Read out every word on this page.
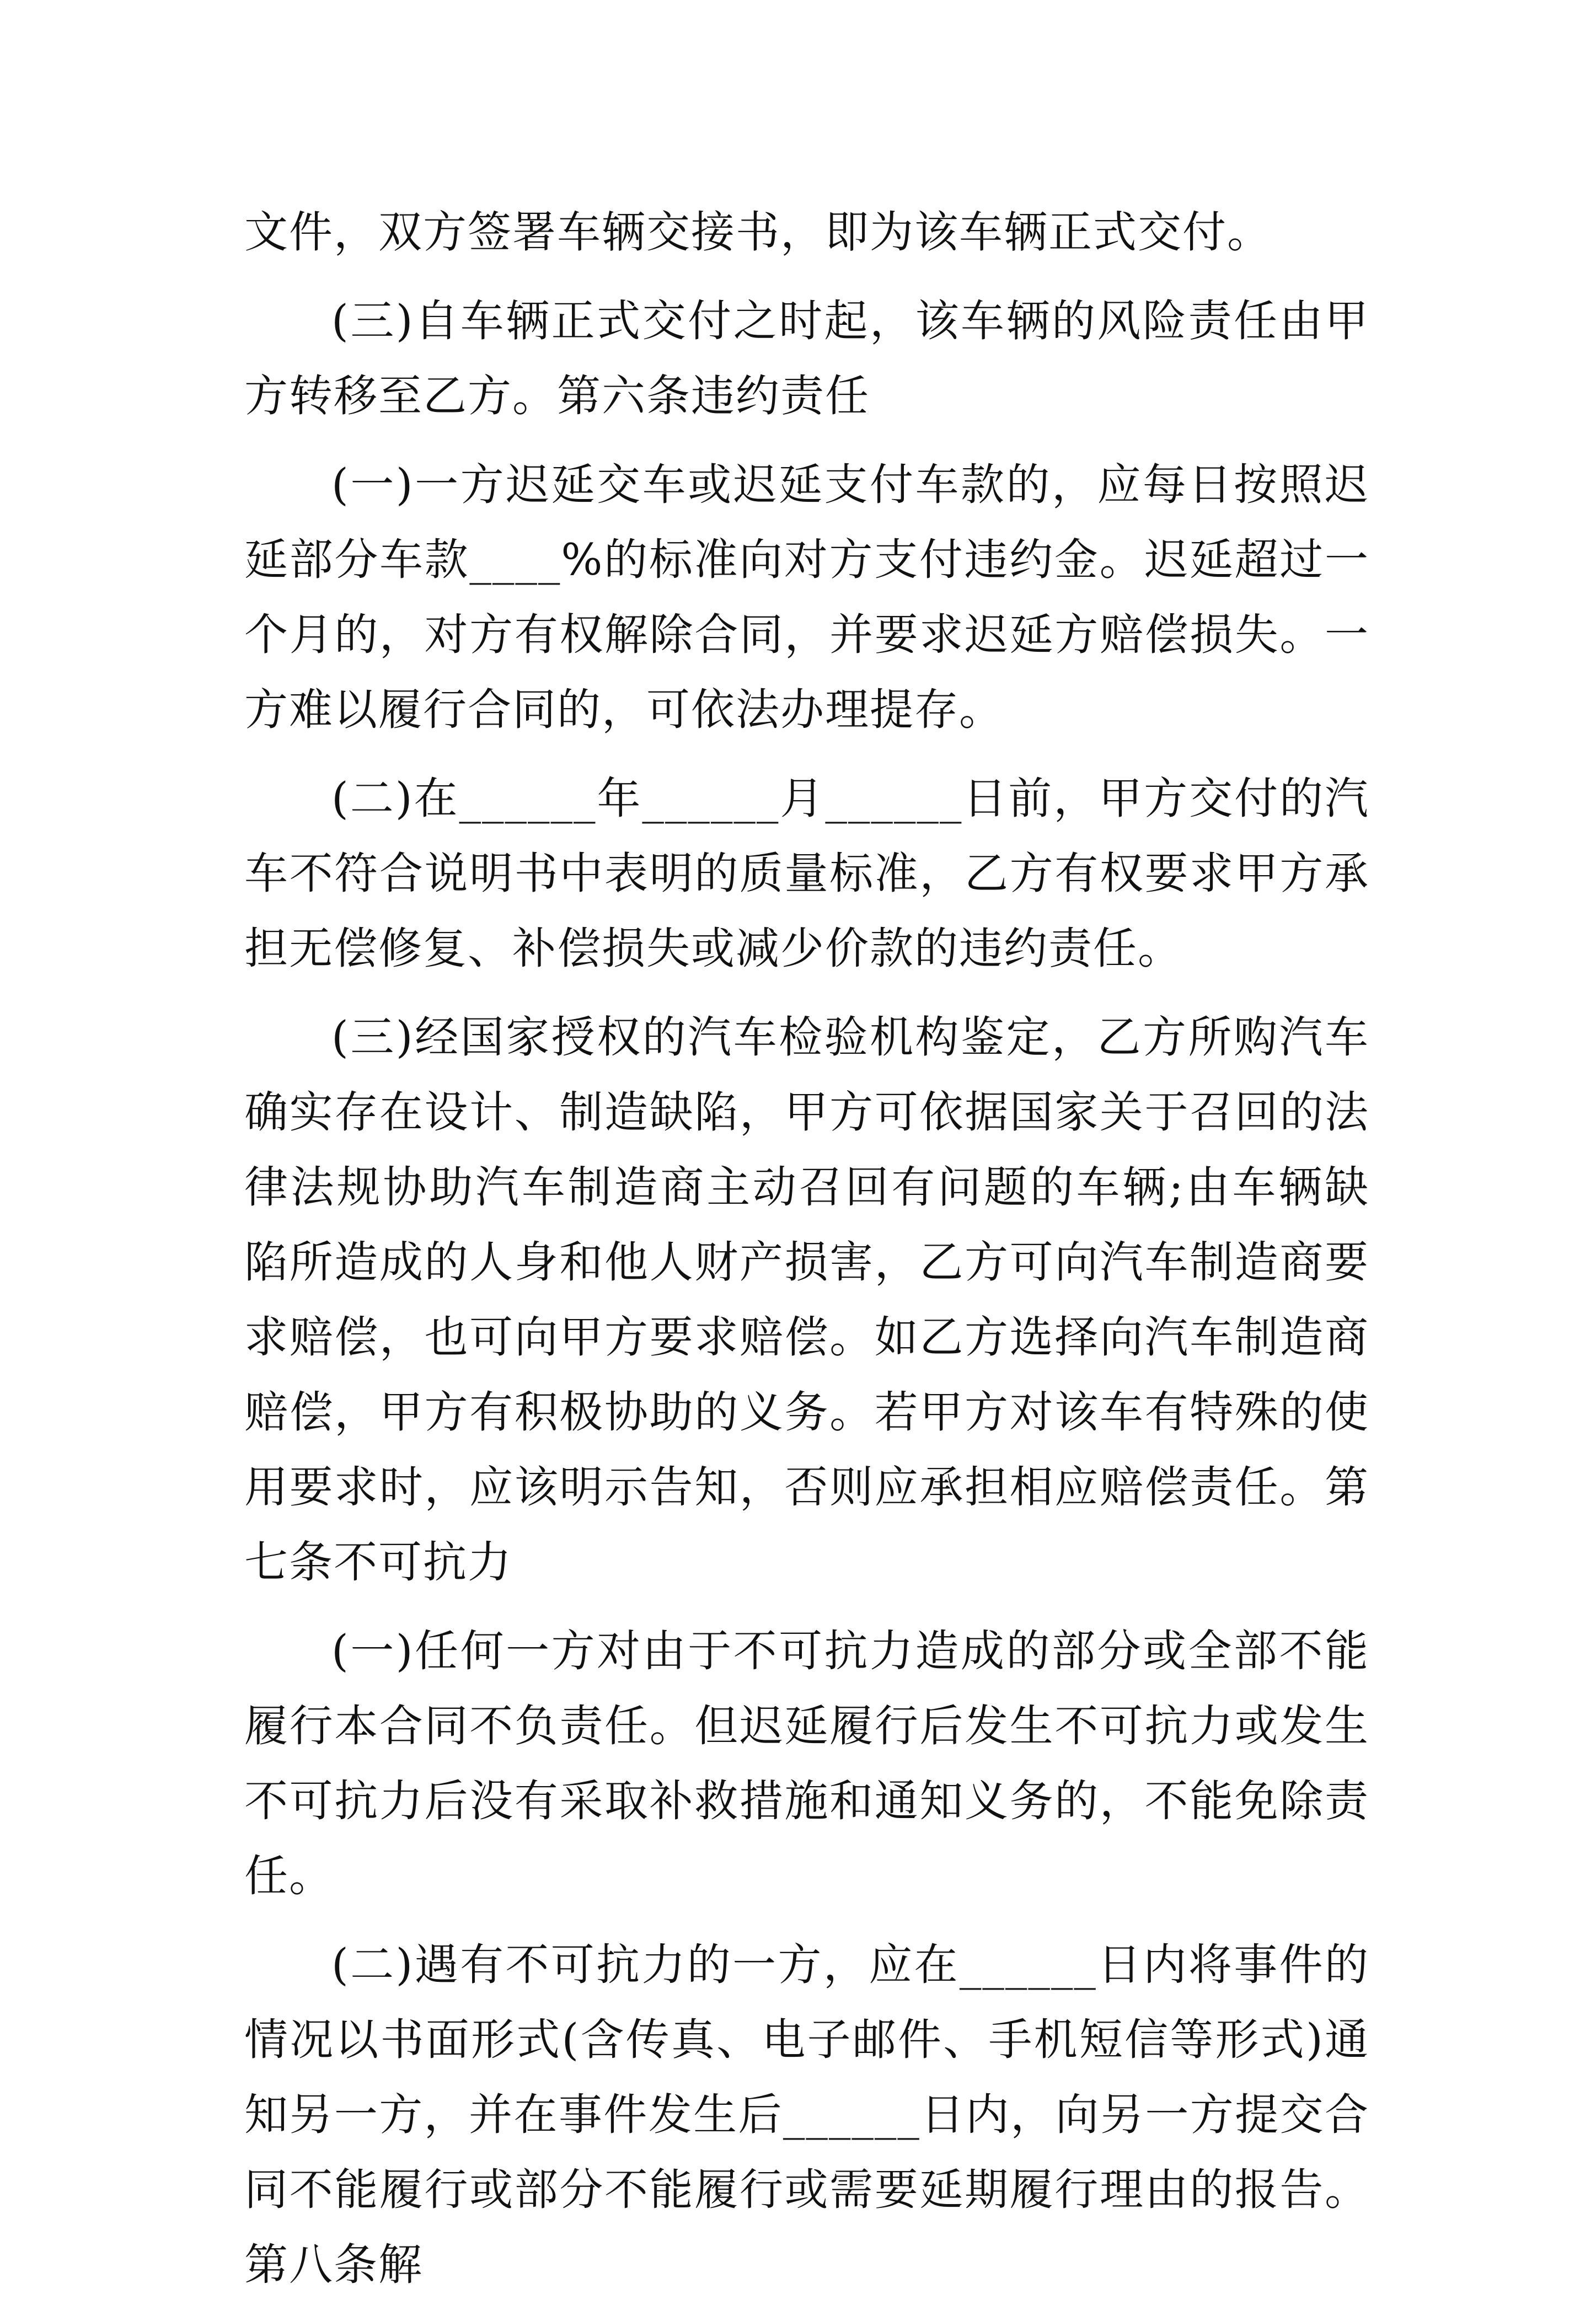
文件，双方签署车辆交接书，即为该车辆正式交付。

(三)自车辆正式交付之时起，该车辆的风险责任由甲方转移至乙方。第六条违约责任

(一)一方迟延交车或迟延支付车款的，应每日按照迟延部分车款____%的标准向对方支付违约金。迟延超过一个月的，对方有权解除合同，并要求迟延方赔偿损失。一方难以履行合同的，可依法办理提存。

(二)在______年______月______日前，甲方交付的汽车不符合说明书中表明的质量标准，乙方有权要求甲方承担无偿修复、补偿损失或减少价款的违约责任。

(三)经国家授权的汽车检验机构鉴定，乙方所购汽车确实存在设计、制造缺陷，甲方可依据国家关于召回的法律法规协助汽车制造商主动召回有问题的车辆;由车辆缺陷所造成的人身和他人财产损害，乙方可向汽车制造商要求赔偿，也可向甲方要求赔偿。如乙方选择向汽车制造商赔偿，甲方有积极协助的义务。若甲方对该车有特殊的使用要求时，应该明示告知，否则应承担相应赔偿责任。第七条不可抗力

(一)任何一方对由于不可抗力造成的部分或全部不能履行本合同不负责任。但迟延履行后发生不可抗力或发生不可抗力后没有采取补救措施和通知义务的，不能免除责任。

(二)遇有不可抗力的一方，应在______日内将事件的情况以书面形式(含传真、电子邮件、手机短信等形式)通知另一方，并在事件发生后______日内，向另一方提交合同不能履行或部分不能履行或需要延期履行理由的报告。第八条解
